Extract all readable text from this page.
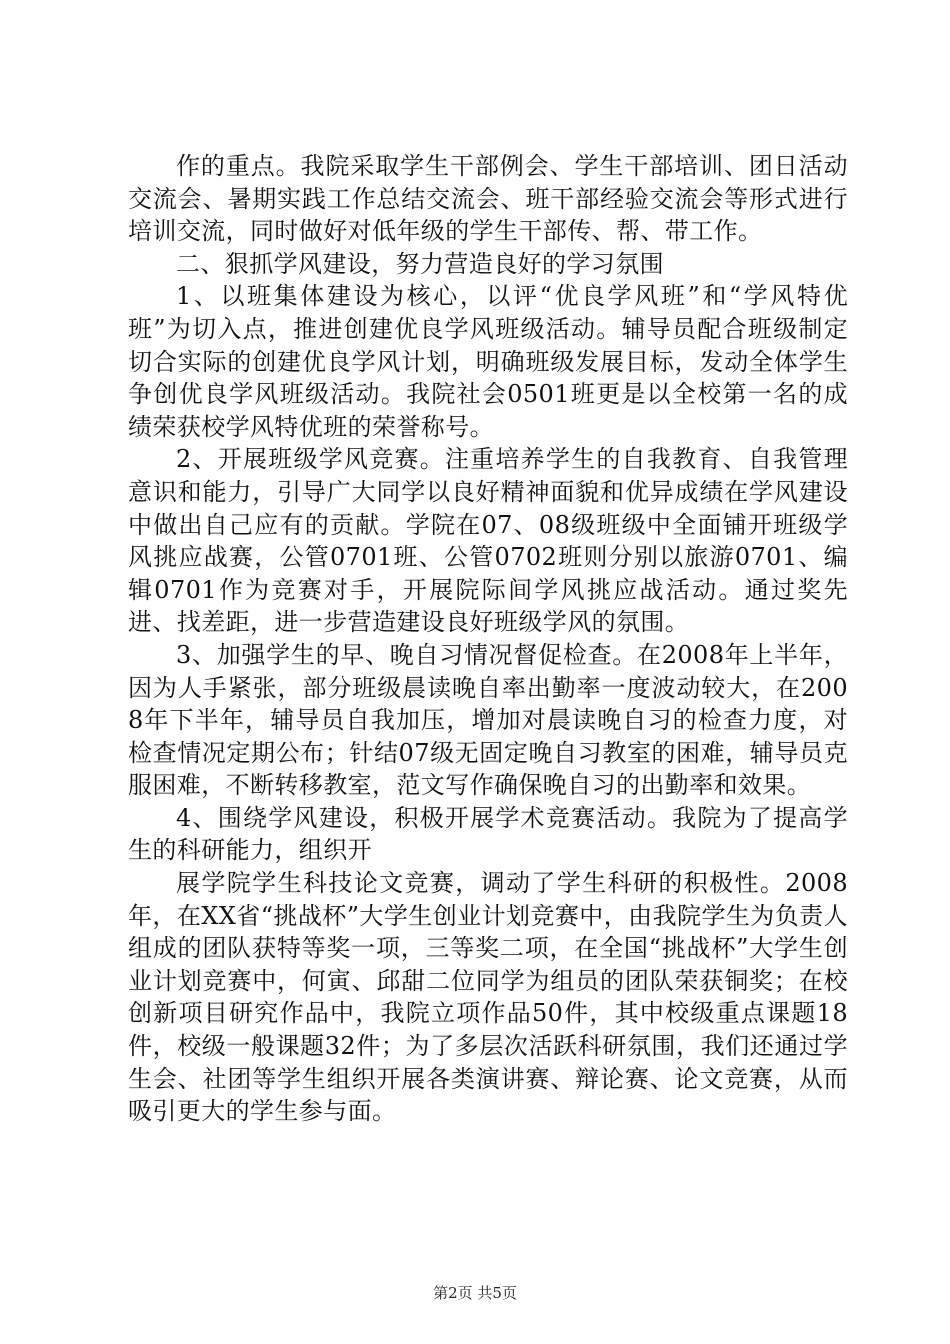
作的重点。我院采取学生干部例会、学生干部培训、团日活动交流会、暑期实践工作总结交流会、班干部经验交流会等形式进行培训交流，同时做好对低年级的学生干部传、帮、带工作。

二、狠抓学风建设，努力营造良好的学习氛围

1、以班集体建设为核心，以评“优良学风班”和“学风特优班”为切入点，推进创建优良学风班级活动。辅导员配合班级制定切合实际的创建优良学风计划，明确班级发展目标，发动全体学生争创优良学风班级活动。我院社会0501班更是以全校第一名的成绩荣获校学风特优班的荣誉称号。

2、开展班级学风竞赛。注重培养学生的自我教育、自我管理意识和能力，引导广大同学以良好精神面貌和优异成绩在学风建设中做出自己应有的贡献。学院在07、08级班级中全面铺开班级学风挑应战赛，公管0701班、公管0702班则分别以旅游0701、编辑0701作为竞赛对手，开展院际间学风挑应战活动。通过奖先进、找差距，进一步营造建设良好班级学风的氛围。

3、加强学生的早、晚自习情况督促检查。在2008年上半年，因为人手紧张，部分班级晨读晚自率出勤率一度波动较大，在2008年下半年，辅导员自我加压，增加对晨读晚自习的检查力度，对检查情况定期公布；针结07级无固定晚自习教室的困难，辅导员克服困难，不断转移教室，范文写作确保晚自习的出勤率和效果。

4、围绕学风建设，积极开展学术竞赛活动。我院为了提高学生的科研能力，组织开

展学院学生科技论文竞赛，调动了学生科研的积极性。2008年，在XX省“挑战杯”大学生创业计划竞赛中，由我院学生为负责人组成的团队获特等奖一项，三等奖二项，在全国“挑战杯”大学生创业计划竞赛中，何寅、邱甜二位同学为组员的团队荣获铜奖；在校创新项目研究作品中，我院立项作品50件，其中校级重点课题18件，校级一般课题32件；为了多层次活跃科研氛围，我们还通过学生会、社团等学生组织开展各类演讲赛、辩论赛、论文竞赛，从而吸引更大的学生参与面。

第2页 共5页
